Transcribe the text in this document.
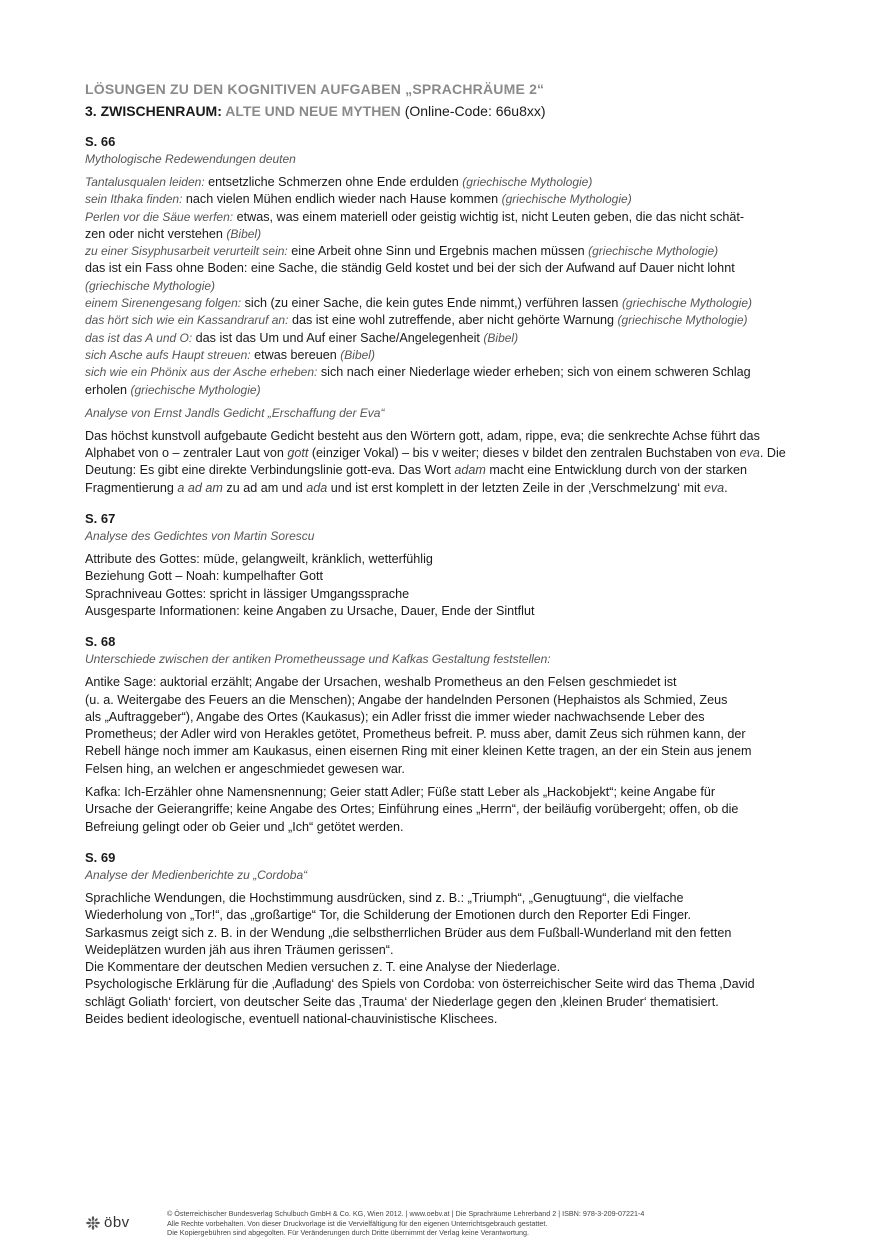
LÖSUNGEN ZU DEN KOGNITIVEN AUFGABEN „SPRACHRÄUME 2“

3. ZWISCHENRAUM: ALTE UND NEUE MYTHEN (Online-Code: 66u8xx)

S. 66

Mythologische Redewendungen deuten

Tantalusqualen leiden: entsetzliche Schmerzen ohne Ende erdulden (griechische Mythologie)

sein Ithaka finden: nach vielen Mühen endlich wieder nach Hause kommen (griechische Mythologie)

Perlen vor die Säue werfen: etwas, was einem materiell oder geistig wichtig ist, nicht Leuten geben, die das nicht schät-

zen oder nicht verstehen (Bibel)

zu einer Sisyphusarbeit verurteilt sein: eine Arbeit ohne Sinn und Ergebnis machen müssen (griechische Mythologie)

das ist ein Fass ohne Boden: eine Sache, die ständig Geld kostet und bei der sich der Aufwand auf Dauer nicht lohnt

(griechische Mythologie)

einem Sirenengesang folgen: sich (zu einer Sache, die kein gutes Ende nimmt,) verführen lassen (griechische Mythologie)

das hört sich wie ein Kassandraruf an: das ist eine wohl zutreffende, aber nicht gehörte Warnung (griechische Mythologie)

das ist das A und O: das ist das Um und Auf einer Sache/Angelegenheit (Bibel)

sich Asche aufs Haupt streuen: etwas bereuen (Bibel)

sich wie ein Phönix aus der Asche erheben: sich nach einer Niederlage wieder erheben; sich von einem schweren Schlag

erholen (griechische Mythologie)

Analyse von Ernst Jandls Gedicht „Erschaffung der Eva“

Das höchst kunstvoll aufgebaute Gedicht besteht aus den Wörtern gott, adam, rippe, eva; die senkrechte Achse führt das Alphabet von o – zentraler Laut von gott (einziger Vokal) – bis v weiter; dieses v bildet den zentralen Buchstaben von eva. Die Deutung: Es gibt eine direkte Verbindungslinie gott-eva. Das Wort adam macht eine Entwicklung durch von der starken Fragmentierung a ad am zu ad am und ada und ist erst komplett in der letzten Zeile in der ‚Verschmelzung‘ mit eva.

S. 67

Analyse des Gedichtes von Martin Sorescu

Attribute des Gottes: müde, gelangweilt, kränklich, wetterfühlig

Beziehung Gott – Noah: kumpelhafter Gott

Sprachniveau Gottes: spricht in lässiger Umgangssprache

Ausgesparte Informationen: keine Angaben zu Ursache, Dauer, Ende der Sintflut

S. 68

Unterschiede zwischen der antiken Prometheussage und Kafkas Gestaltung feststellen:

Antike Sage: auktorial erzählt; Angabe der Ursachen, weshalb Prometheus an den Felsen geschmiedet ist

(u. a. Weitergabe des Feuers an die Menschen); Angabe der handelnden Personen (Hephaistos als Schmied, Zeus

als „Auftraggeber“), Angabe des Ortes (Kaukasus); ein Adler frisst die immer wieder nachwachsende Leber des

Prometheus; der Adler wird von Herakles getötet, Prometheus befreit. P. muss aber, damit Zeus sich rühmen kann, der

Rebell hänge noch immer am Kaukasus, einen eisernen Ring mit einer kleinen Kette tragen, an der ein Stein aus jenem

Felsen hing, an welchen er angeschmiedet gewesen war.

Kafka: Ich-Erzähler ohne Namensnennung; Geier statt Adler; Füße statt Leber als „Hackobjekt“; keine Angabe für

Ursache der Geierangriffe; keine Angabe des Ortes; Einführung eines „Herrn“, der beiläufig vorübergeht; offen, ob die

Befreiung gelingt oder ob Geier und „Ich“ getötet werden.

S. 69

Analyse der Medienberichte zu „Cordoba“

Sprachliche Wendungen, die Hochstimmung ausdrücken, sind z. B.: „Triumph“, „Genugtuung“, die vielfache

Wiederholung von „Tor!“, das „großartige“ Tor, die Schilderung der Emotionen durch den Reporter Edi Finger.

Sarkasmus zeigt sich z. B. in der Wendung „die selbstherrlichen Brüder aus dem Fußball-Wunderland mit den fetten

Weideplätzen wurden jäh aus ihren Träumen gerissen“.

Die Kommentare der deutschen Medien versuchen z. T. eine Analyse der Niederlage.

Psychologische Erklärung für die ‚Aufladung‘ des Spiels von Cordoba: von österreichischer Seite wird das Thema ‚David

schlägt Goliath‘ forciert, von deutscher Seite das ‚Trauma‘ der Niederlage gegen den ‚kleinen Bruder‘ thematisiert.

Beides bedient ideologische, eventuell national-chauvinistische Klischees.

öbv
© Österreichischer Bundesverlag Schulbuch GmbH & Co. KG, Wien 2012. | www.oebv.at | Die Sprachräume Lehrerband 2 | ISBN: 978-3-209-07221-4
Alle Rechte vorbehalten. Von dieser Druckvorlage ist die Vervielfältigung für den eigenen Unterrichtsgebrauch gestattet.
Die Kopiergebühren sind abgegolten. Für Veränderungen durch Dritte übernimmt der Verlag keine Verantwortung.
